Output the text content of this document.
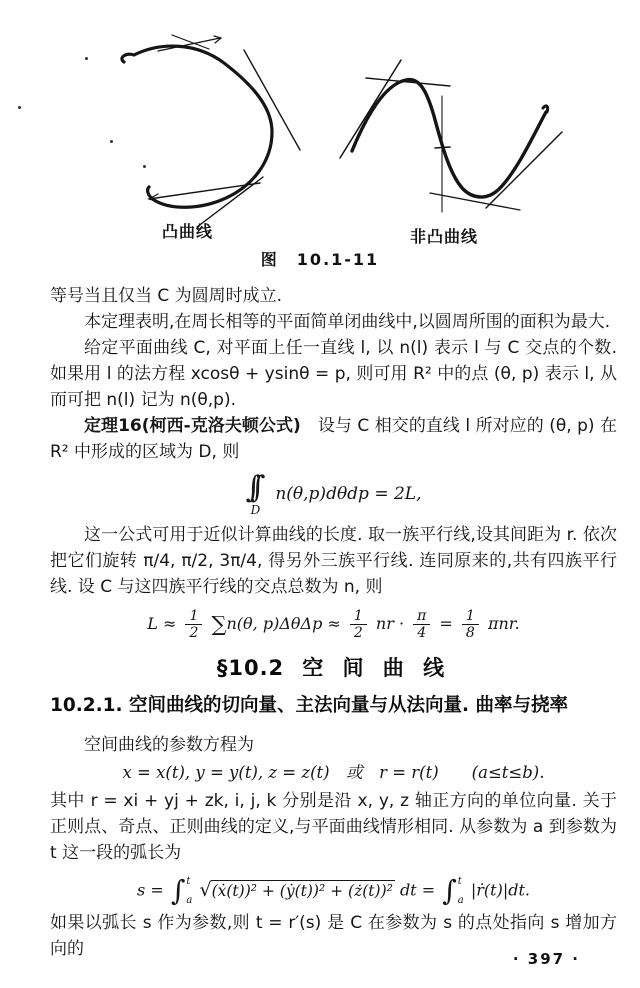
凸曲线	非凸曲线
图　10.1-11

等号当且仅当 C 为圆周时成立.

本定理表明,在周长相等的平面简单闭曲线中,以圆周所围的面积为最大.

给定平面曲线 C, 对平面上任一直线 l, 以 n(l) 表示 l 与 C 交点的个数. 如果用 l 的法方程 xcosθ + ysinθ = p, 则可用 R² 中的点 (θ, p) 表示 l, 从而可把 n(l) 记为 n(θ,p).

定理16(柯西-克洛夫顿公式)　设与 C 相交的直线 l 所对应的 (θ, p) 在 R² 中形成的区域为 D, 则

∫∫
D
n(θ,p)dθdp = 2L,

这一公式可用于近似计算曲线的长度. 取一族平行线,设其间距为 r. 依次把它们旋转 π/4, π/2, 3π/4, 得另外三族平行线. 连同原来的,共有四族平行线. 设 C 与这四族平行线的交点总数为 n, 则

$L \approx \frac{1}{2} \sum n(\theta$, $p)\Delta\theta\Delta p \approx \frac{1}{2}$ nr · $\frac{\pi}{4} = \frac{1}{8} \pi nr$.
§10.2 空 间 曲 线

10.2.1. 空间曲线的切向量、主法向量与从法向量. 曲率与挠率

空间曲线的参数方程为

x = x(t), y = y(t), z = z(t)　或　r = r(t)　　(a≤t≤b).

其中 r = xi + yj + zk, i, j, k 分别是沿 x, y, z 轴正方向的单位向量. 关于正则点、奇点、正则曲线的定义,与平面曲线情形相同. 从参数为 a 到参数为 t 这一段的弧长为

s = ∫ t
a √(ẋ(t))² + (ẏ(t))² + (ż(t))² dt = ∫ t
a
|ṙ(t)|dt.

如果以弧长 s 作为参数,则 t = r′(s) 是 C 在参数为 s 的点处指向 s 增加方向的	· 397 ·
